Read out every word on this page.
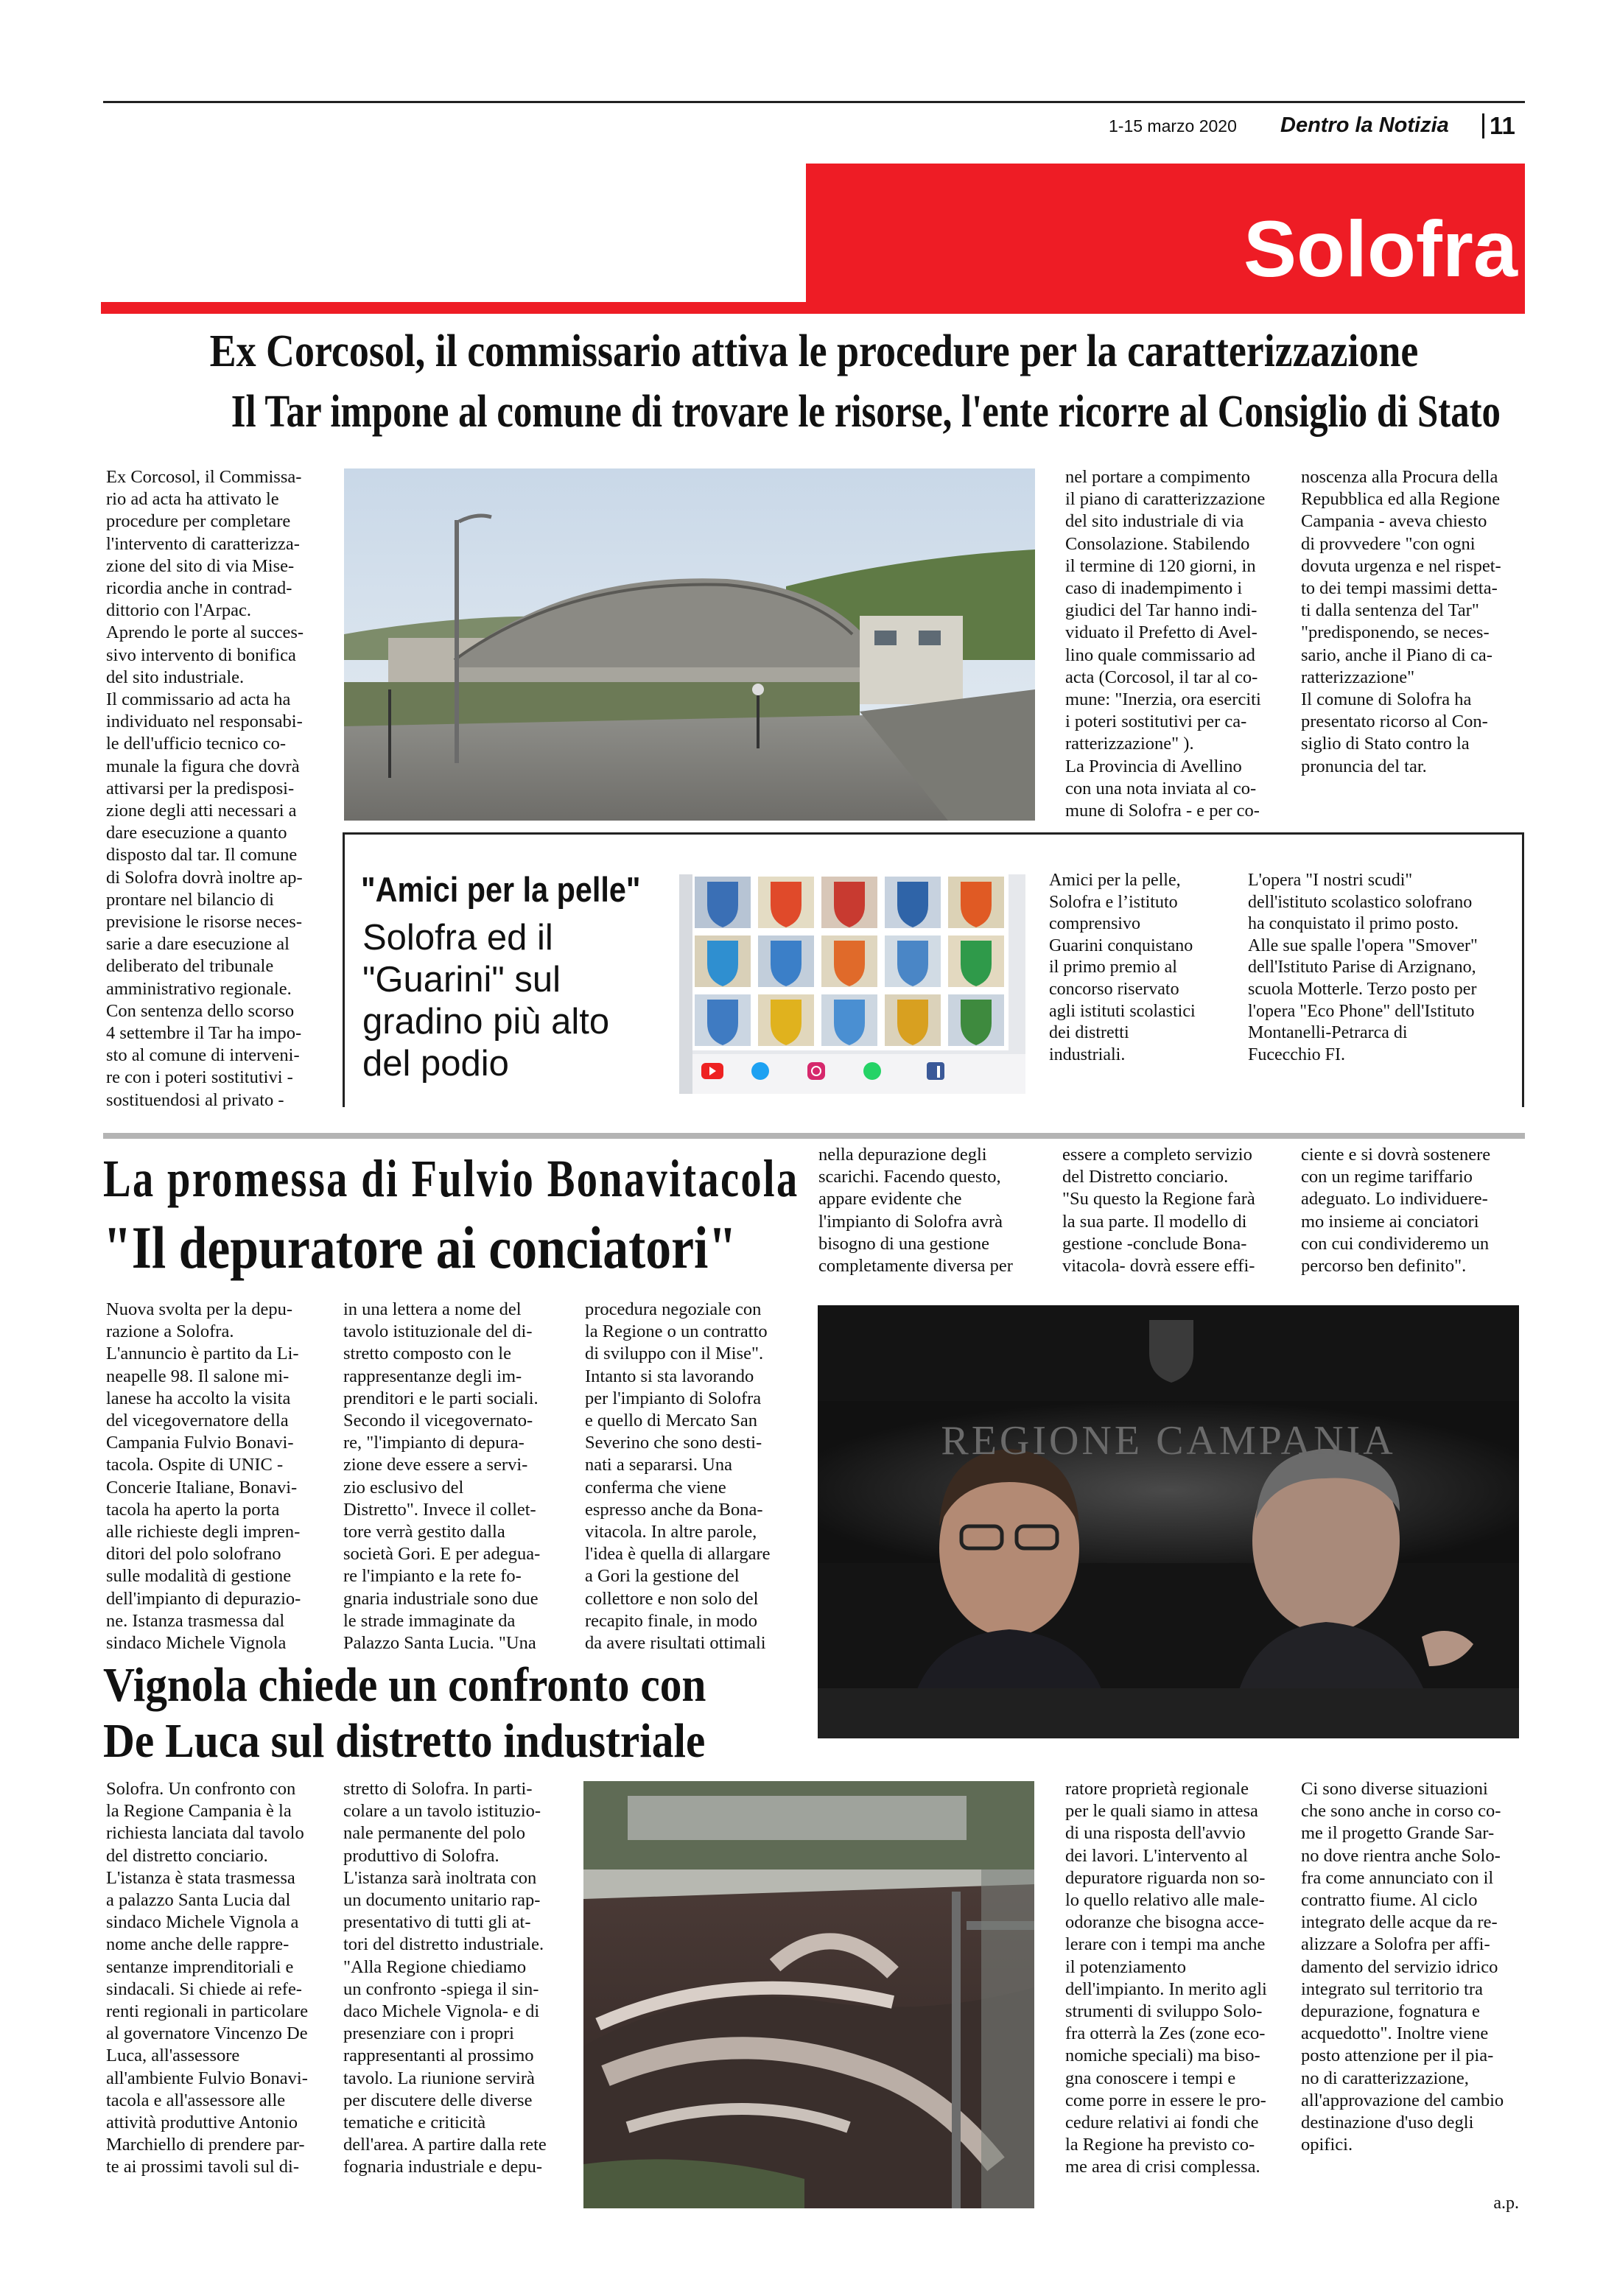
1-15 marzo 2020 Dentro la Notizia 11
Solofra
Ex Corcosol, il commissario attiva le procedure per la caratterizzazione
Il Tar impone al comune di trovare le risorse, l'ente ricorre al Consiglio di Stato

Ex Corcosol, il Commissa-
rio ad acta ha attivato le
procedure per completare
l'intervento di caratterizza-
zione del sito di via Mise-
ricordia anche in contrad-
dittorio con l'Arpac.
Aprendo le porte al succes-
sivo intervento di bonifica
del sito industriale.
Il commissario ad acta ha
individuato nel responsabi-
le dell'ufficio tecnico co-
munale la figura che dovrà
attivarsi per la predisposi-
zione degli atti necessari a
dare esecuzione a quanto
disposto dal tar. Il comune
di Solofra dovrà inoltre ap-
prontare nel bilancio di
previsione le risorse neces-
sarie a dare esecuzione al
deliberato del tribunale
amministrativo regionale.
Con sentenza dello scorso
4 settembre il Tar ha impo-
sto al comune di interveni-
re con i poteri sostitutivi -
sostituendosi al privato -

nel portare a compimento
il piano di caratterizzazione
del sito industriale di via
Consolazione. Stabilendo
il termine di 120 giorni, in
caso di inadempimento i
giudici del Tar hanno indi-
viduato il Prefetto di Avel-
lino quale commissario ad
acta (Corcosol, il tar al co-
mune: "Inerzia, ora eserciti
i poteri sostitutivi per ca-
ratterizzazione" ).
La Provincia di Avellino
con una nota inviata al co-
mune di Solofra - e per co-

noscenza alla Procura della
Repubblica ed alla Regione
Campania - aveva chiesto
di provvedere "con ogni
dovuta urgenza e nel rispet-
to dei tempi massimi detta-
ti dalla sentenza del Tar"
"predisponendo, se neces-
sario, anche il Piano di ca-
ratterizzazione"
Il comune di Solofra ha
presentato ricorso al Con-
siglio di Stato contro la
pronuncia del tar.

"Amici per la pelle"
Solofra ed il "Guarini" sul gradino più alto del podio

Amici per la pelle,
Solofra e l’istituto
comprensivo
Guarini conquistano
il primo premio al
concorso riservato
agli istituti scolastici
dei distretti
industriali.

L'opera "I nostri scudi"
dell'istituto scolastico solofrano
ha conquistato il primo posto.
Alle sue spalle l'opera "Smover"
dell'Istituto Parise di Arzignano,
scuola Motterle. Terzo posto per
l'opera "Eco Phone" dell'Istituto
Montanelli-Petrarca di
Fucecchio FI.

La promessa di Fulvio Bonavitacola
"Il depuratore ai conciatori"

nella depurazione degli
scarichi. Facendo questo,
appare evidente che
l'impianto di Solofra avrà
bisogno di una gestione
completamente diversa per

essere a completo servizio
del Distretto conciario.
"Su questo la Regione farà
la sua parte. Il modello di
gestione -conclude Bona-
vitacola- dovrà essere effi-

ciente e si dovrà sostenere
con un regime tariffario
adeguato. Lo individuere-
mo insieme ai conciatori
con cui condivideremo un
percorso ben definito".

Nuova svolta per la depu-
razione a Solofra.
L'annuncio è partito da Li-
neapelle 98. Il salone mi-
lanese ha accolto la visita
del vicegovernatore della
Campania Fulvio Bonavi-
tacola. Ospite di UNIC -
Concerie Italiane, Bonavi-
tacola ha aperto la porta
alle richieste degli impren-
ditori del polo solofrano
sulle modalità di gestione
dell'impianto di depurazio-
ne. Istanza trasmessa dal
sindaco Michele Vignola

in una lettera a nome del
tavolo istituzionale del di-
stretto composto con le
rappresentanze degli im-
prenditori e le parti sociali.
Secondo il vicegovernato-
re, "l'impianto di depura-
zione deve essere a servi-
zio esclusivo del
Distretto". Invece il collet-
tore verrà gestito dalla
società Gori. E per adegua-
re l'impianto e la rete fo-
gnaria industriale sono due
le strade immaginate da
Palazzo Santa Lucia. "Una

procedura negoziale con
la Regione o un contratto
di sviluppo con il Mise".
Intanto si sta lavorando
per l'impianto di Solofra
e quello di Mercato San
Severino che sono desti-
nati a separarsi. Una
conferma che viene
espresso anche da Bona-
vitacola. In altre parole,
l'idea è quella di allargare
a Gori la gestione del
collettore e non solo del
recapito finale, in modo
da avere risultati ottimali

REGIONE CAMPANIA
Vignola chiede un confronto con
De Luca sul distretto industriale

Solofra. Un confronto con
la Regione Campania è la
richiesta lanciata dal tavolo
del distretto conciario.
L'istanza è stata trasmessa
a palazzo Santa Lucia dal
sindaco Michele Vignola a
nome anche delle rappre-
sentanze imprenditoriali e
sindacali. Si chiede ai refe-
renti regionali in particolare
al governatore Vincenzo De
Luca, all'assessore
all'ambiente Fulvio Bonavi-
tacola e all'assessore alle
attività produttive Antonio
Marchiello di prendere par-
te ai prossimi tavoli sul di-

stretto di Solofra. In parti-
colare a un tavolo istituzio-
nale permanente del polo
produttivo di Solofra.
L'istanza sarà inoltrata con
un documento unitario rap-
presentativo di tutti gli at-
tori del distretto industriale.
"Alla Regione chiediamo
un confronto -spiega il sin-
daco Michele Vignola- e di
presenziare con i propri
rappresentanti al prossimo
tavolo. La riunione servirà
per discutere delle diverse
tematiche e criticità
dell'area. A partire dalla rete
fognaria industriale e depu-

ratore proprietà regionale
per le quali siamo in attesa
di una risposta dell'avvio
dei lavori. L'intervento al
depuratore riguarda non so-
lo quello relativo alle male-
odoranze che bisogna acce-
lerare con i tempi ma anche
il potenziamento
dell'impianto. In merito agli
strumenti di sviluppo Solo-
fra otterrà la Zes (zone eco-
nomiche speciali) ma biso-
gna conoscere i tempi e
come porre in essere le pro-
cedure relativi ai fondi che
la Regione ha previsto co-
me area di crisi complessa.

Ci sono diverse situazioni
che sono anche in corso co-
me il progetto Grande Sar-
no dove rientra anche Solo-
fra come annunciato con il
contratto fiume. Al ciclo
integrato delle acque da re-
alizzare a Solofra per affi-
damento del servizio idrico
integrato sul territorio tra
depurazione, fognatura e
acquedotto". Inoltre viene
posto attenzione per il pia-
no di caratterizzazione,
all'approvazione del cambio
destinazione d'uso degli
opifici.

a.p.
